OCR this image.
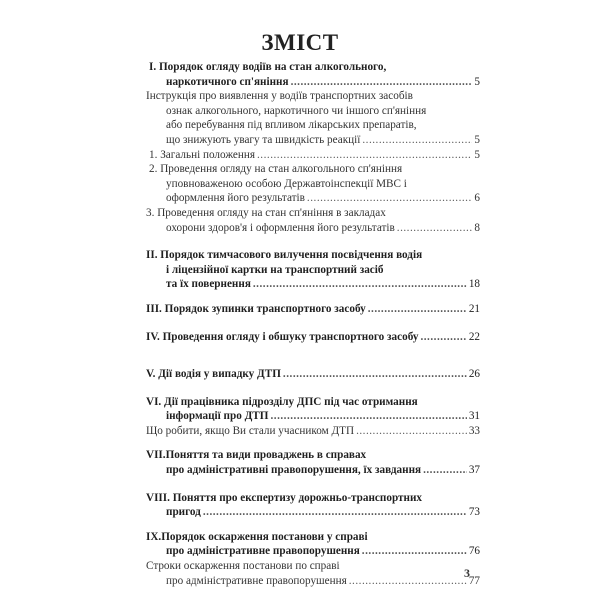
ЗМІСТ
I. Порядок огляду водіїв на стан алкогольного,
наркотичного сп'яніння .....	5
Інструкція про виявлення у водіїв транспортних засобів
ознак алкогольного, наркотичного чи іншого сп'яніння
або перебування під впливом лікарських препаратів,
що знижують увагу та швидкість реакції .....	5
1. Загальні положення .....	5
2. Проведення огляду на стан алкогольного сп'яніння
уповноваженою особою Державтоінспекції МВС і
оформлення його результатів .....	6
3. Проведення огляду на стан сп'яніння в закладах
охорони здоров'я і оформлення його результатів .....	8
II. Порядок тимчасового вилучення посвідчення водія
і ліцензійної картки на транспортний засіб
та їх повернення .....	18
III. Порядок зупинки транспортного засобу .....	21
IV. Проведення огляду і обшуку транспортного засобу .....	22
V. Дії водія у випадку ДТП .....	26
VI. Дії працівника підрозділу ДПС під час отримання
інформації про ДТП .....	31
Що робити, якщо Ви стали учасником ДТП .....	33
VII.Поняття та види проваджень в справах
про адміністративні правопорушення, їх завдання .....	37
VIII. Поняття про експертизу дорожньо-транспортних
пригод .....	73
IX.Порядок оскарження постанови у справі
про адміністративне правопорушення .....	76
Строки оскарження постанови по справі
про адміністративне правопорушення .....	77
3
